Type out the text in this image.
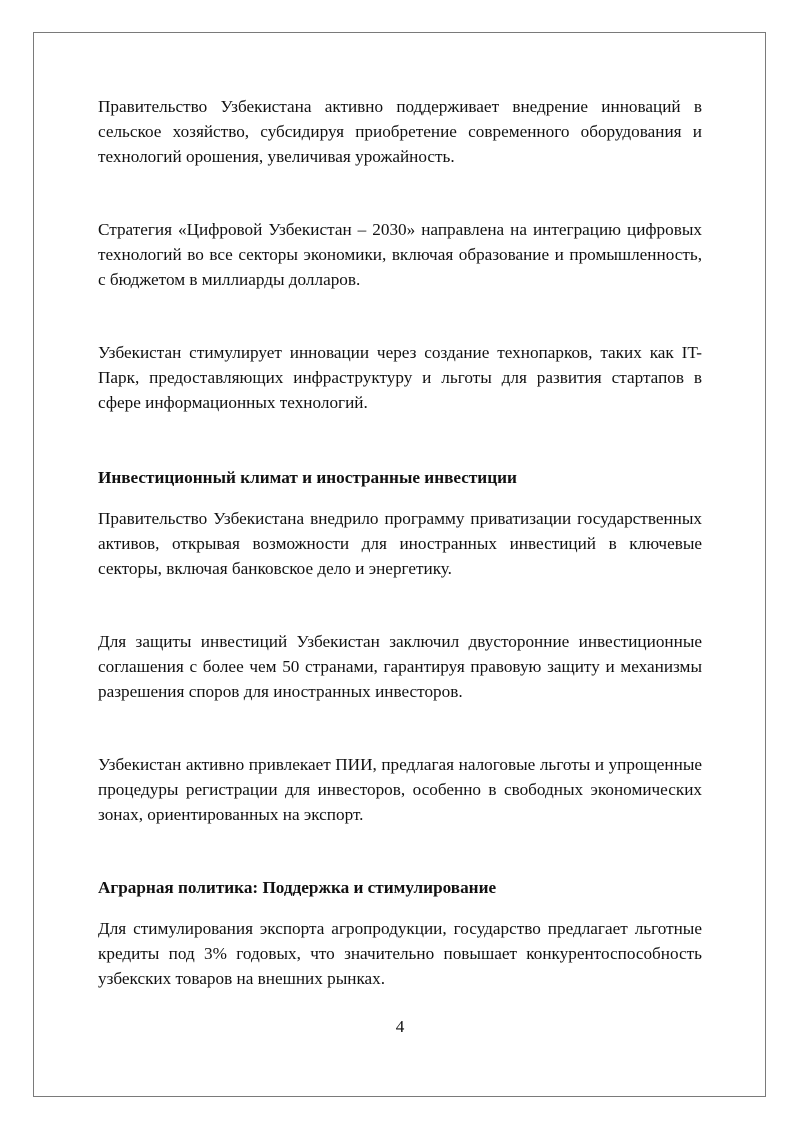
Правительство Узбекистана активно поддерживает внедрение инноваций в сельское хозяйство, субсидируя приобретение современного оборудования и технологий орошения, увеличивая урожайность.

Стратегия «Цифровой Узбекистан – 2030» направлена на интеграцию цифровых технологий во все секторы экономики, включая образование и промышленность, с бюджетом в миллиарды долларов.

Узбекистан стимулирует инновации через создание технопарков, таких как IT-Парк, предоставляющих инфраструктуру и льготы для развития стартапов в сфере информационных технологий.

Инвестиционный климат и иностранные инвестиции

Правительство Узбекистана внедрило программу приватизации государственных активов, открывая возможности для иностранных инвестиций в ключевые секторы, включая банковское дело и энергетику.

Для защиты инвестиций Узбекистан заключил двусторонние инвестиционные соглашения с более чем 50 странами, гарантируя правовую защиту и механизмы разрешения споров для иностранных инвесторов.

Узбекистан активно привлекает ПИИ, предлагая налоговые льготы и упрощенные процедуры регистрации для инвесторов, особенно в свободных экономических зонах, ориентированных на экспорт.

Аграрная политика: Поддержка и стимулирование

Для стимулирования экспорта агропродукции, государство предлагает льготные кредиты под 3% годовых, что значительно повышает конкурентоспособность узбекских товаров на внешних рынках.

4
